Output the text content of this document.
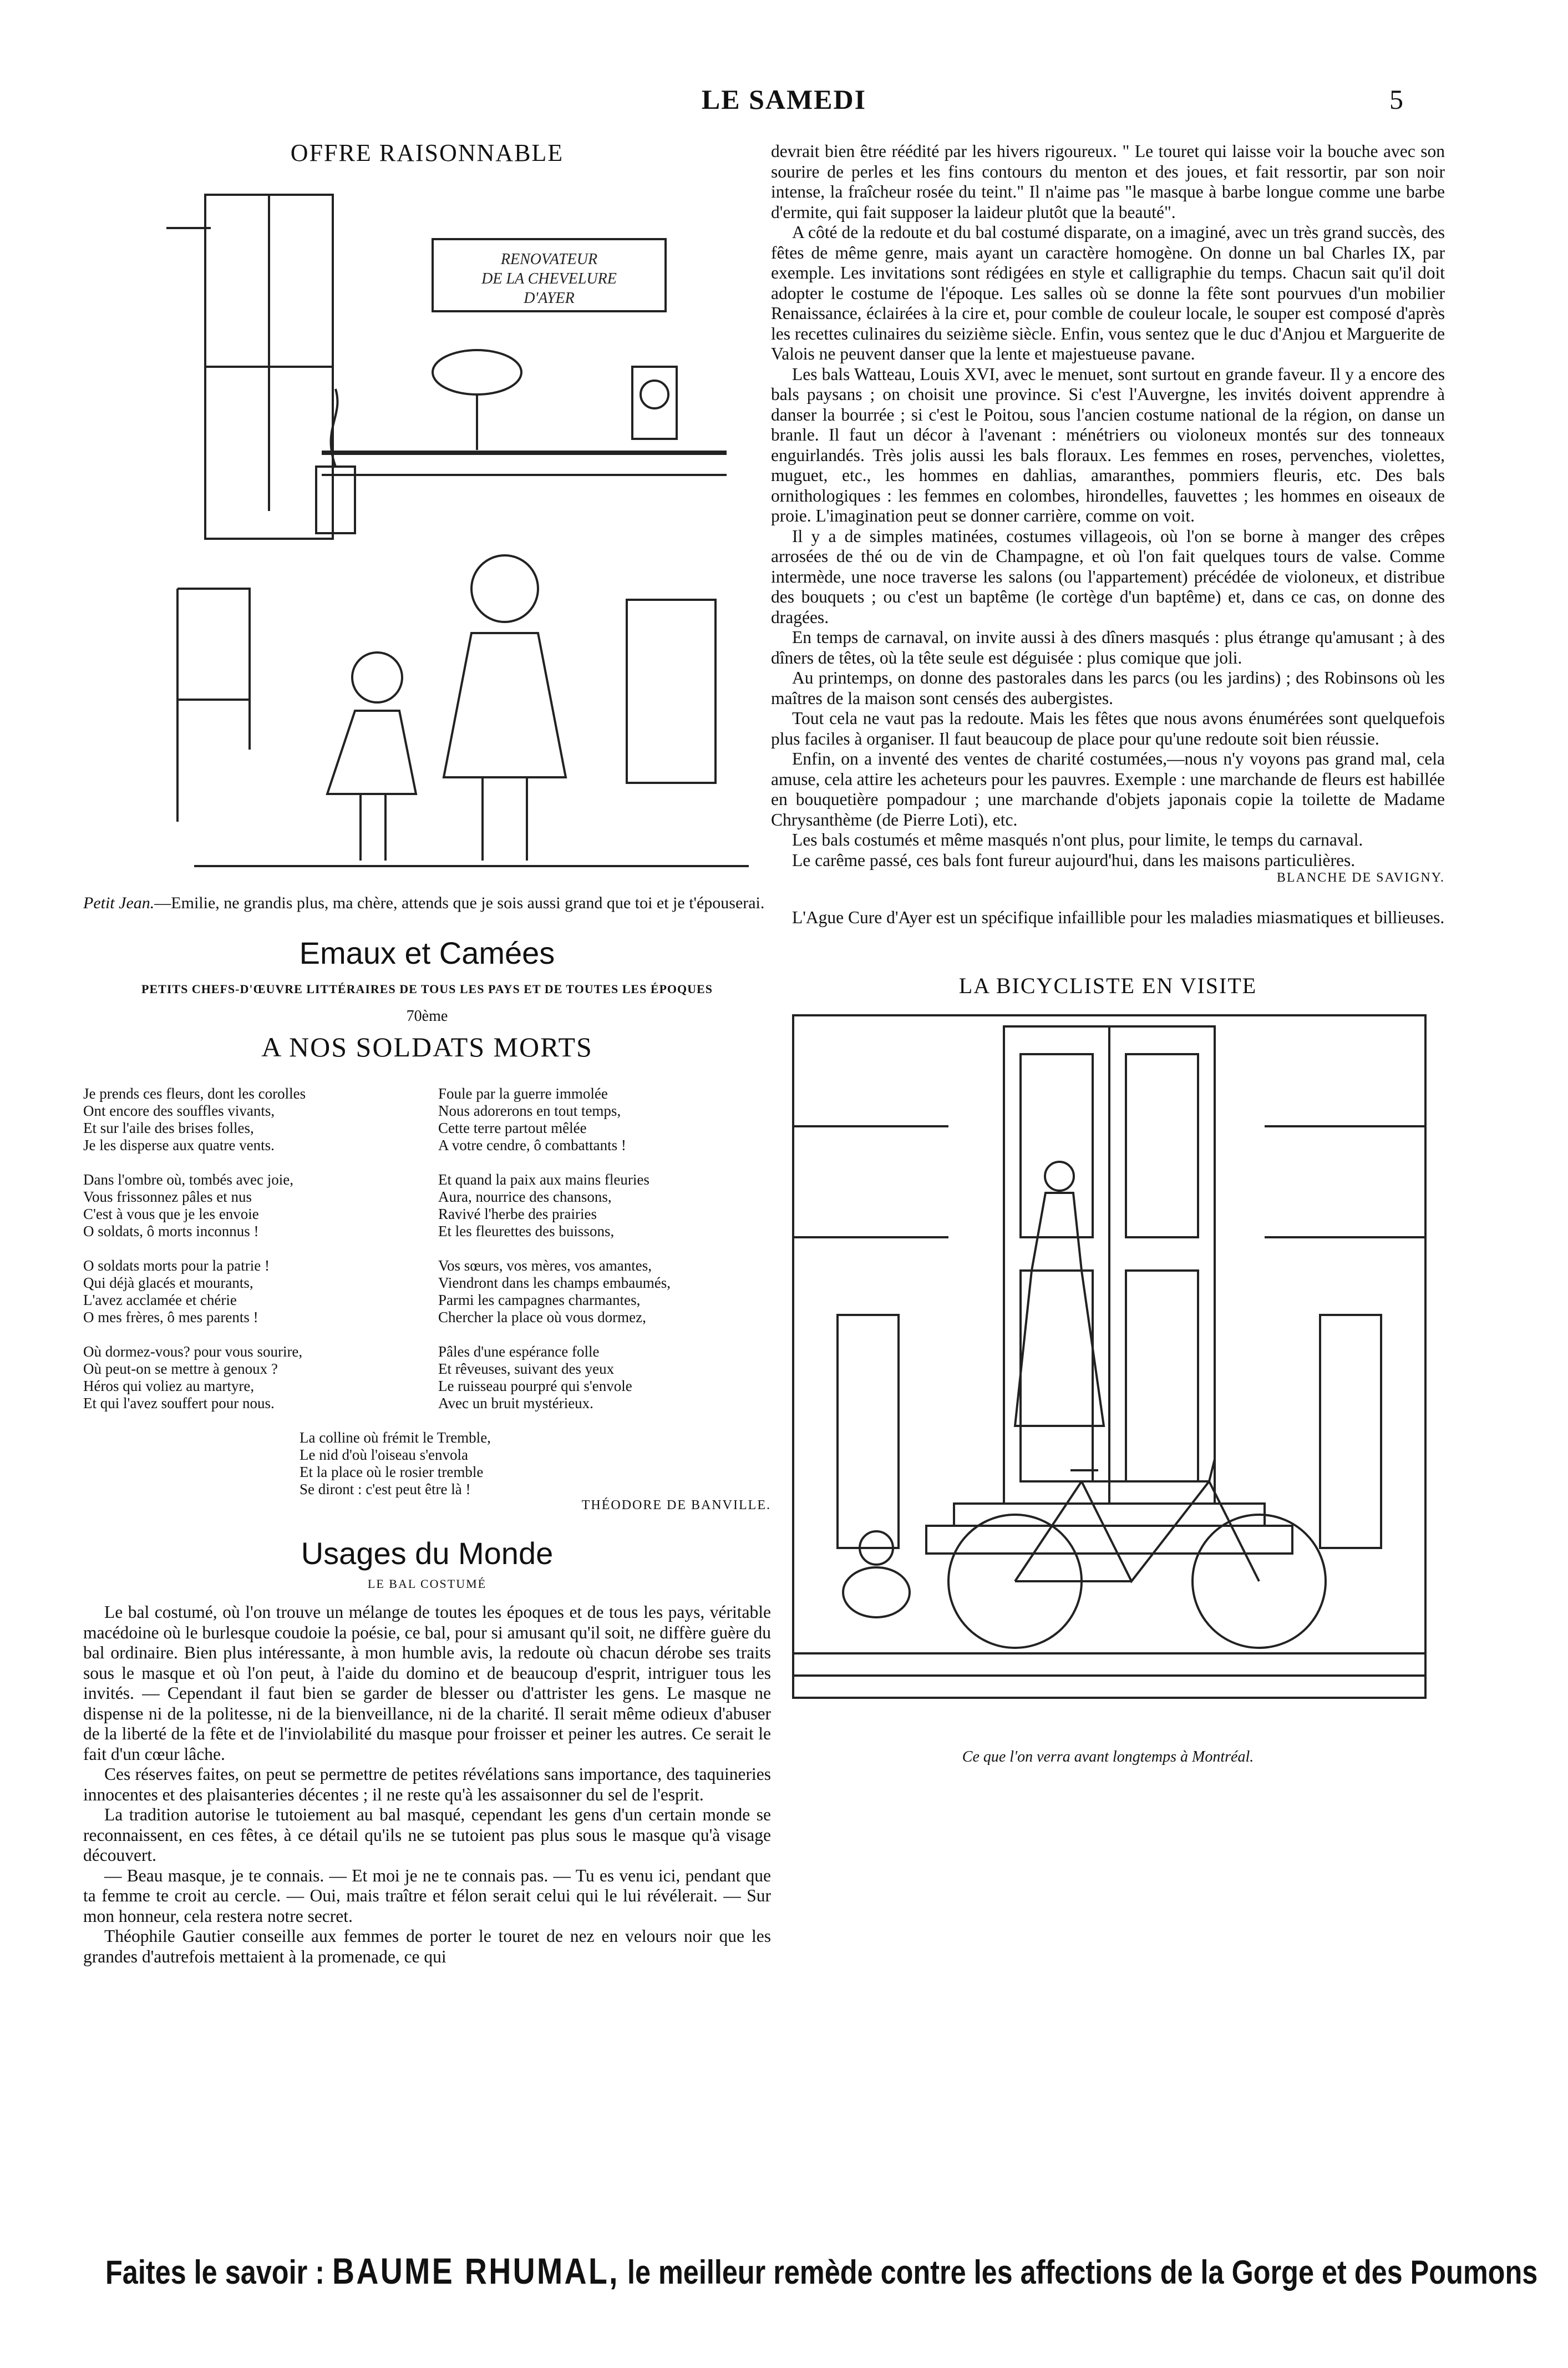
LE SAMEDI	5

OFFRE RAISONNABLE

RENOVATEUR
DE LA CHEVELURE
D'AYER

Petit Jean.—Emilie, ne grandis plus, ma chère, attends que je sois aussi grand que toi et je t'épouserai.

Emaux et Camées

PETITS CHEFS-D'ŒUVRE LITTÉRAIRES DE TOUS LES PAYS ET DE TOUTES LES ÉPOQUES

70ème

A NOS SOLDATS MORTS

Je prends ces fleurs, dont les corolles
Ont encore des souffles vivants,
Et sur l'aile des brises folles,
Je les disperse aux quatre vents.

Dans l'ombre où, tombés avec joie,
Vous frissonnez pâles et nus
C'est à vous que je les envoie
O soldats, ô morts inconnus !

O soldats morts pour la patrie !
Qui déjà glacés et mourants,
L'avez acclamée et chérie
O mes frères, ô mes parents !

Où dormez-vous? pour vous sourire,
Où peut-on se mettre à genoux ?
Héros qui voliez au martyre,
Et qui l'avez souffert pour nous.

Foule par la guerre immolée
Nous adorerons en tout temps,
Cette terre partout mêlée
A votre cendre, ô combattants !

Et quand la paix aux mains fleuries
Aura, nourrice des chansons,
Ravivé l'herbe des prairies
Et les fleurettes des buissons,

Vos sœurs, vos mères, vos amantes,
Viendront dans les champs embaumés,
Parmi les campagnes charmantes,
Chercher la place où vous dormez,

Pâles d'une espérance folle
Et rêveuses, suivant des yeux
Le ruisseau pourpré qui s'envole
Avec un bruit mystérieux.

La colline où frémit le Tremble,
Le nid d'où l'oiseau s'envola
Et la place où le rosier tremble
Se diront : c'est peut être là !

THÉODORE DE BANVILLE.

Usages du Monde

LE BAL COSTUMÉ

Le bal costumé, où l'on trouve un mélange de toutes les époques et de tous les pays, véritable macédoine où le burlesque coudoie la poésie, ce bal, pour si amusant qu'il soit, ne diffère guère du bal ordinaire. Bien plus intéressante, à mon humble avis, la redoute où chacun dérobe ses traits sous le masque et où l'on peut, à l'aide du domino et de beaucoup d'esprit, intriguer tous les invités. — Cependant il faut bien se garder de blesser ou d'attrister les gens. Le masque ne dispense ni de la politesse, ni de la bienveillance, ni de la charité. Il serait même odieux d'abuser de la liberté de la fête et de l'inviolabilité du masque pour froisser et peiner les autres. Ce serait le fait d'un cœur lâche.

Ces réserves faites, on peut se permettre de petites révélations sans importance, des taquineries innocentes et des plaisanteries décentes ; il ne reste qu'à les assaisonner du sel de l'esprit.

La tradition autorise le tutoiement au bal masqué, cependant les gens d'un certain monde se reconnaissent, en ces fêtes, à ce détail qu'ils ne se tutoient pas plus sous le masque qu'à visage découvert.

— Beau masque, je te connais. — Et moi je ne te connais pas. — Tu es venu ici, pendant que ta femme te croit au cercle. — Oui, mais traître et félon serait celui qui le lui révélerait. — Sur mon honneur, cela restera notre secret.

Théophile Gautier conseille aux femmes de porter le touret de nez en velours noir que les grandes d'autrefois mettaient à la promenade, ce qui

devrait bien être réédité par les hivers rigoureux. " Le touret qui laisse voir la bouche avec son sourire de perles et les fins contours du menton et des joues, et fait ressortir, par son noir intense, la fraîcheur rosée du teint." Il n'aime pas "le masque à barbe longue comme une barbe d'ermite, qui fait supposer la laideur plutôt que la beauté".

A côté de la redoute et du bal costumé disparate, on a imaginé, avec un très grand succès, des fêtes de même genre, mais ayant un caractère homogène. On donne un bal Charles IX, par exemple. Les invitations sont rédigées en style et calligraphie du temps. Chacun sait qu'il doit adopter le costume de l'époque. Les salles où se donne la fête sont pourvues d'un mobilier Renaissance, éclairées à la cire et, pour comble de couleur locale, le souper est composé d'après les recettes culinaires du seizième siècle. Enfin, vous sentez que le duc d'Anjou et Marguerite de Valois ne peuvent danser que la lente et majestueuse pavane.

Les bals Watteau, Louis XVI, avec le menuet, sont surtout en grande faveur. Il y a encore des bals paysans ; on choisit une province. Si c'est l'Auvergne, les invités doivent apprendre à danser la bourrée ; si c'est le Poitou, sous l'ancien costume national de la région, on danse un branle. Il faut un décor à l'avenant : ménétriers ou violoneux montés sur des tonneaux enguirlandés. Très jolis aussi les bals floraux. Les femmes en roses, pervenches, violettes, muguet, etc., les hommes en dahlias, amaranthes, pommiers fleuris, etc. Des bals ornithologiques : les femmes en colombes, hirondelles, fauvettes ; les hommes en oiseaux de proie. L'imagination peut se donner carrière, comme on voit.

Il y a de simples matinées, costumes villageois, où l'on se borne à manger des crêpes arrosées de thé ou de vin de Champagne, et où l'on fait quelques tours de valse. Comme intermède, une noce traverse les salons (ou l'appartement) précédée de violoneux, et distribue des bouquets ; ou c'est un baptême (le cortège d'un baptême) et, dans ce cas, on donne des dragées.

En temps de carnaval, on invite aussi à des dîners masqués : plus étrange qu'amusant ; à des dîners de têtes, où la tête seule est déguisée : plus comique que joli.

Au printemps, on donne des pastorales dans les parcs (ou les jardins) ; des Robinsons où les maîtres de la maison sont censés des aubergistes.

Tout cela ne vaut pas la redoute. Mais les fêtes que nous avons énumérées sont quelquefois plus faciles à organiser. Il faut beaucoup de place pour qu'une redoute soit bien réussie.

Enfin, on a inventé des ventes de charité costumées,—nous n'y voyons pas grand mal, cela amuse, cela attire les acheteurs pour les pauvres. Exemple : une marchande de fleurs est habillée en bouquetière pompadour ; une marchande d'objets japonais copie la toilette de Madame Chrysanthème (de Pierre Loti), etc.

Les bals costumés et même masqués n'ont plus, pour limite, le temps du carnaval.

Le carême passé, ces bals font fureur aujourd'hui, dans les maisons particulières.

BLANCHE DE SAVIGNY.

L'Ague Cure d'Ayer est un spécifique infaillible pour les maladies miasmatiques et billieuses.

LA BICYCLISTE EN VISITE

Ce que l'on verra avant longtemps à Montréal.

Faites le savoir : BAUME RHUMAL, le meilleur remède contre les affections de la Gorge et des Poumons
